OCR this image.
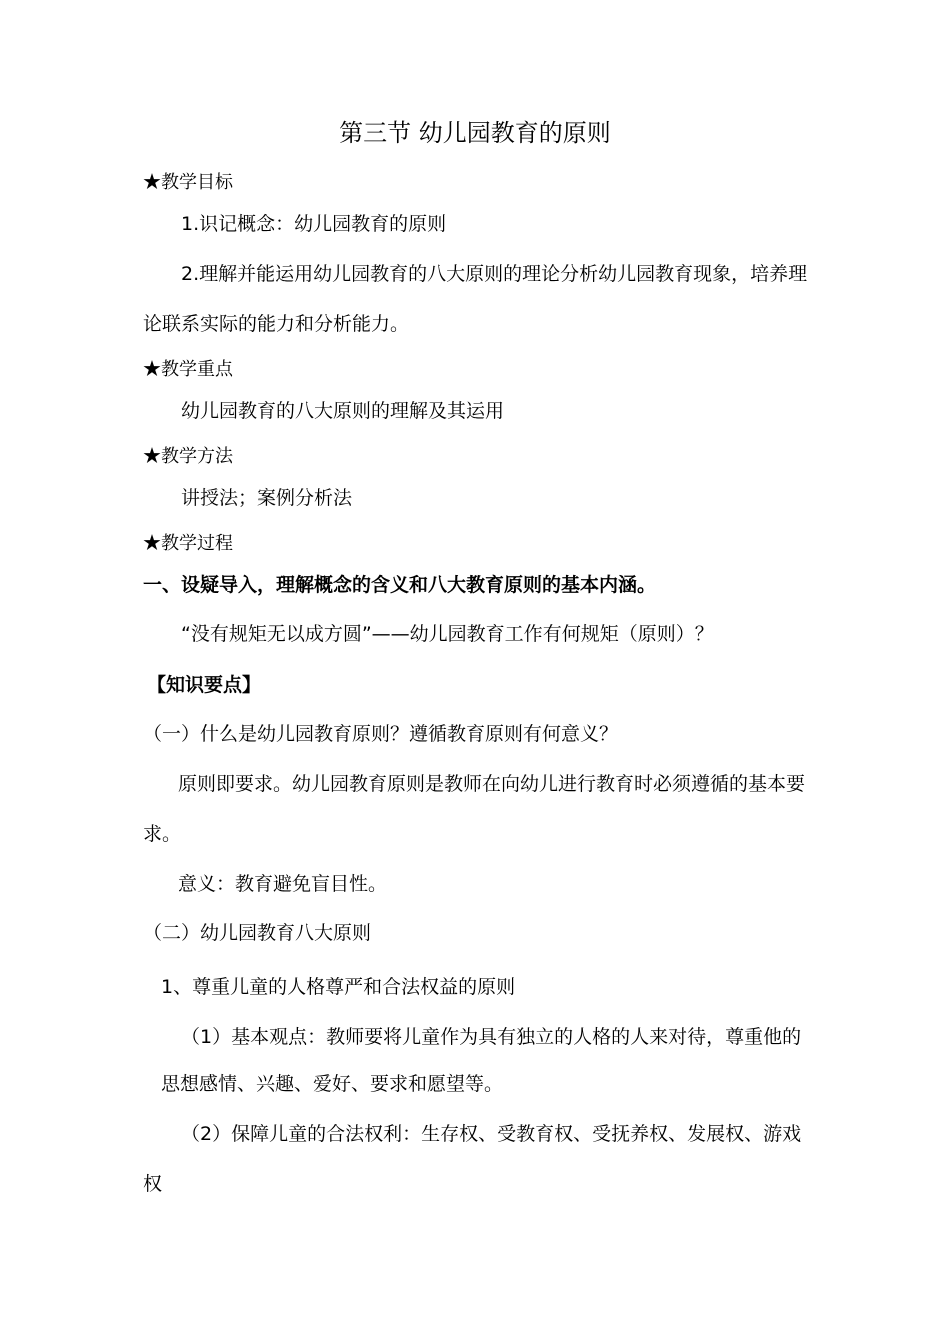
第三节 幼儿园教育的原则
★教学目标
1.识记概念：幼儿园教育的原则
2.理解并能运用幼儿园教育的八大原则的理论分析幼儿园教育现象，培养理
论联系实际的能力和分析能力。
★教学重点
幼儿园教育的八大原则的理解及其运用
★教学方法
讲授法；案例分析法
★教学过程
一、设疑导入，理解概念的含义和八大教育原则的基本内涵。
“没有规矩无以成方圆”——幼儿园教育工作有何规矩（原则）？
【知识要点】
（一）什么是幼儿园教育原则？遵循教育原则有何意义？
原则即要求。幼儿园教育原则是教师在向幼儿进行教育时必须遵循的基本要
求。
意义：教育避免盲目性。
（二）幼儿园教育八大原则
1、尊重儿童的人格尊严和合法权益的原则
（1）基本观点：教师要将儿童作为具有独立的人格的人来对待，尊重他的
思想感情、兴趣、爱好、要求和愿望等。
（2）保障儿童的合法权利：生存权、受教育权、受抚养权、发展权、游戏
权
